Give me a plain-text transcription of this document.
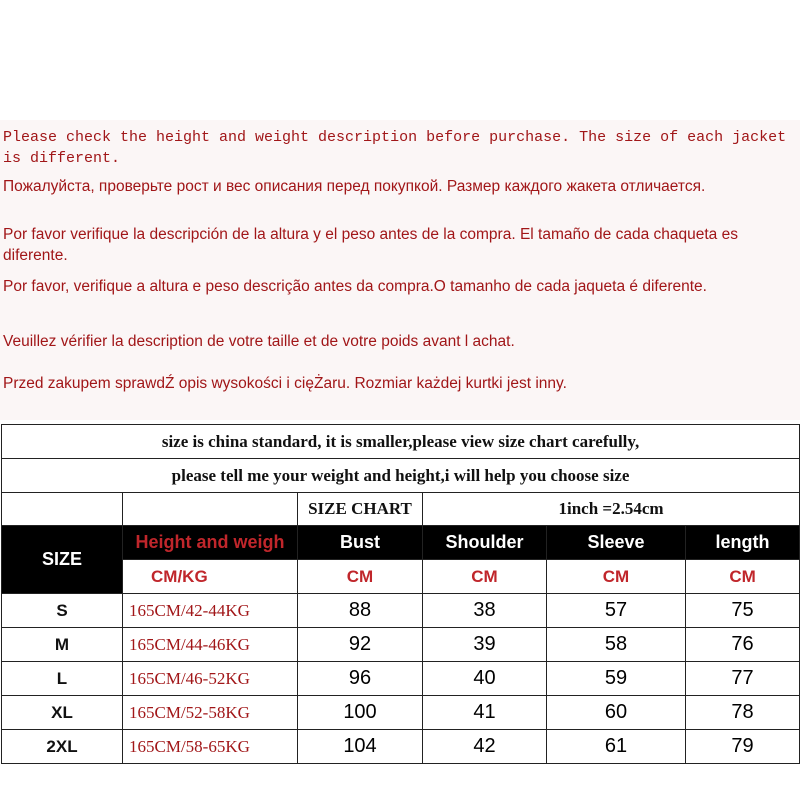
Please check the height and weight description before purchase. The size of each jacket is different.

Пожалуйста, проверьте рост и вес описания перед покупкой. Размер каждого жакета отличается.

Por favor verifique la descripción de la altura y el peso antes de la compra. El tamaño de cada chaqueta es diferente.

Por favor, verifique a altura e peso descrição antes da compra.O tamanho de cada jaqueta é diferente.

Veuillez vérifier la description de votre taille et de votre poids avant l achat.

Przed zakupem sprawdŹ opis wysokości i cięŻaru. Rozmiar każdej kurtki jest inny.

size is china standard, it is smaller,please view size chart carefully,					
please tell me your weight and height,i will help you choose size					
		SIZE CHART	1inch =2.54cm		
SIZE	Height and weigh	Bust	Shoulder	Sleeve	length
	CM/KG	CM	CM	CM	CM
S	165CM/42-44KG	88	38	57	75
M	165CM/44-46KG	92	39	58	76
L	165CM/46-52KG	96	40	59	77
XL	165CM/52-58KG	100	41	60	78
2XL	165CM/58-65KG	104	42	61	79
